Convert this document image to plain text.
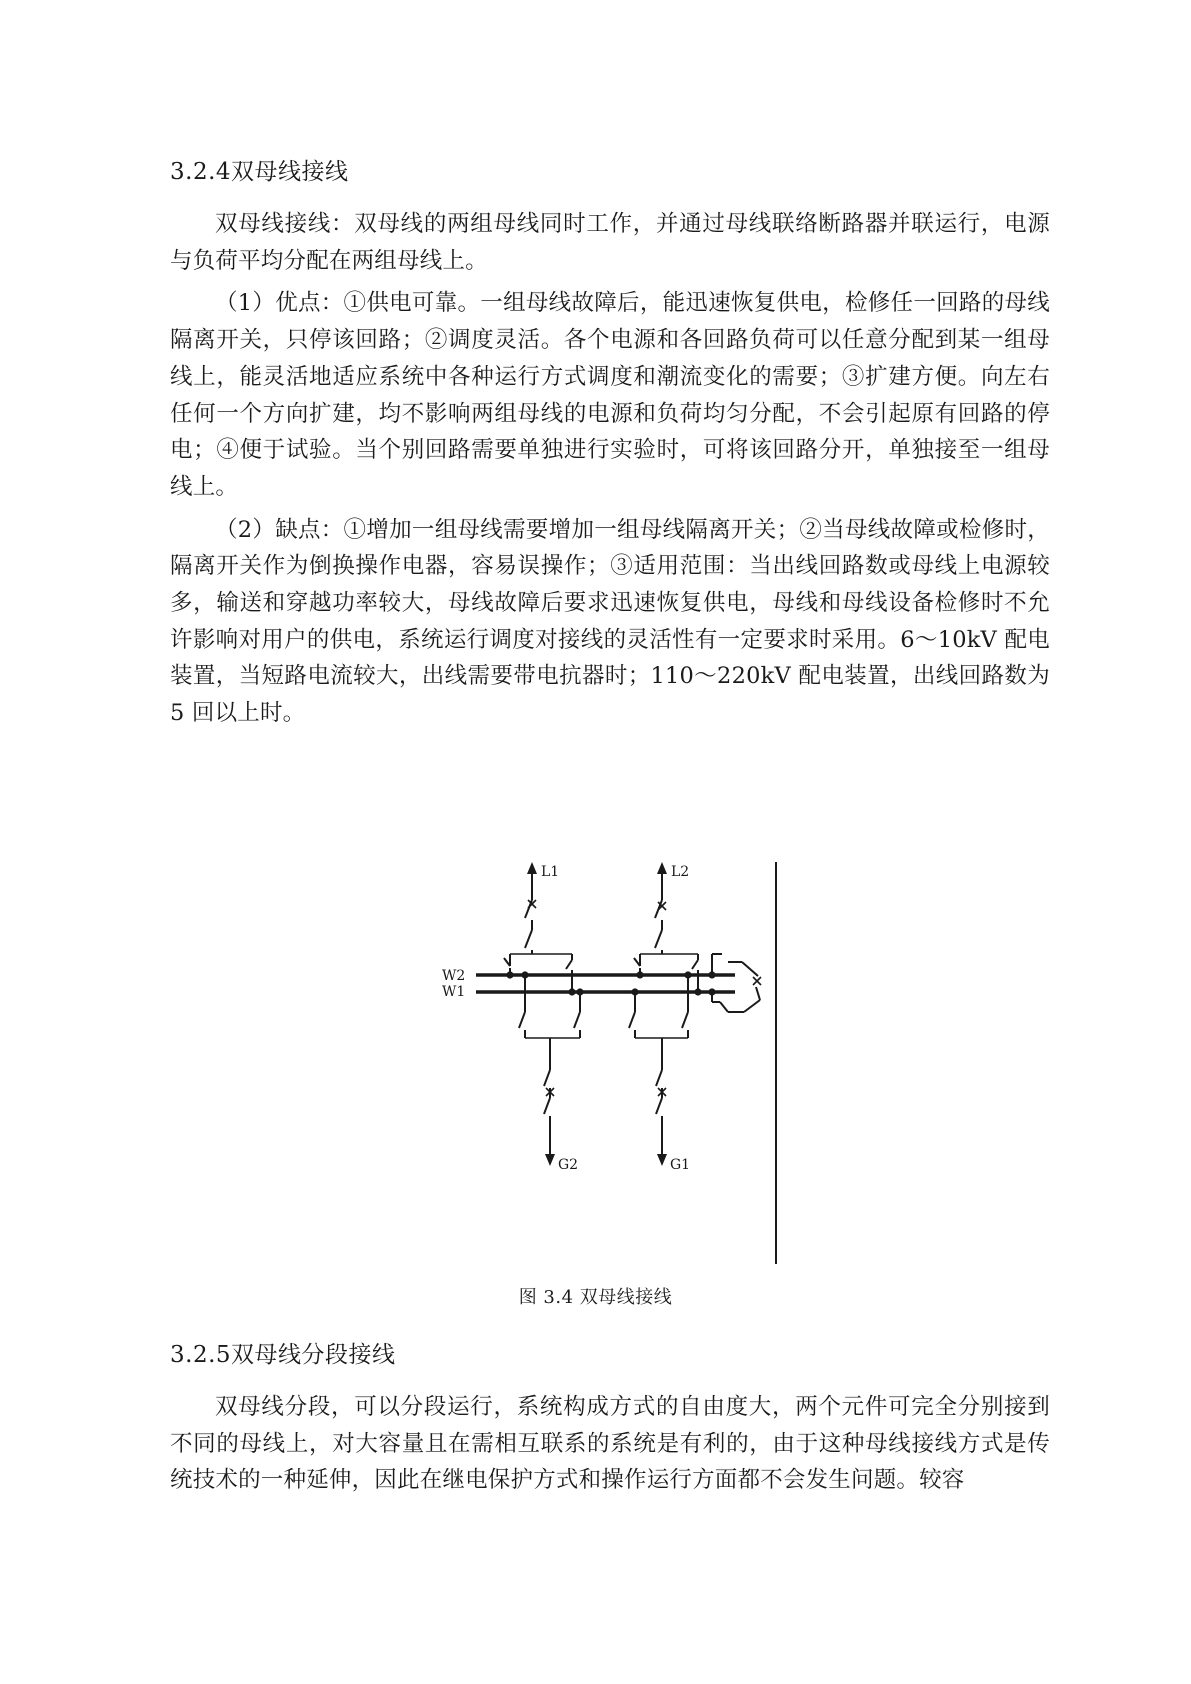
3.2.4双母线接线

双母线接线：双母线的两组母线同时工作，并通过母线联络断路器并联运行，电源与负荷平均分配在两组母线上。

（1）优点：①供电可靠。一组母线故障后，能迅速恢复供电，检修任一回路的母线隔离开关，只停该回路；②调度灵活。各个电源和各回路负荷可以任意分配到某一组母线上，能灵活地适应系统中各种运行方式调度和潮流变化的需要；③扩建方便。向左右任何一个方向扩建，均不影响两组母线的电源和负荷均匀分配，不会引起原有回路的停电；④便于试验。当个别回路需要单独进行实验时，可将该回路分开，单独接至一组母线上。

（2）缺点：①增加一组母线需要增加一组母线隔离开关；②当母线故障或检修时，隔离开关作为倒换操作电器，容易误操作；③适用范围：当出线回路数或母线上电源较多，输送和穿越功率较大，母线故障后要求迅速恢复供电，母线和母线设备检修时不允许影响对用户的供电，系统运行调度对接线的灵活性有一定要求时采用。6～10kV 配电装置，当短路电流较大，出线需要带电抗器时；110～220kV 配电装置，出线回路数为 5 回以上时。

L1	L2
W2
W1
G2	G1
图 3.4 双母线接线
3.2.5双母线分段接线

双母线分段，可以分段运行，系统构成方式的自由度大，两个元件可完全分别接到不同的母线上，对大容量且在需相互联系的系统是有利的，由于这种母线接线方式是传统技术的一种延伸，因此在继电保护方式和操作运行方面都不会发生问题。较容
